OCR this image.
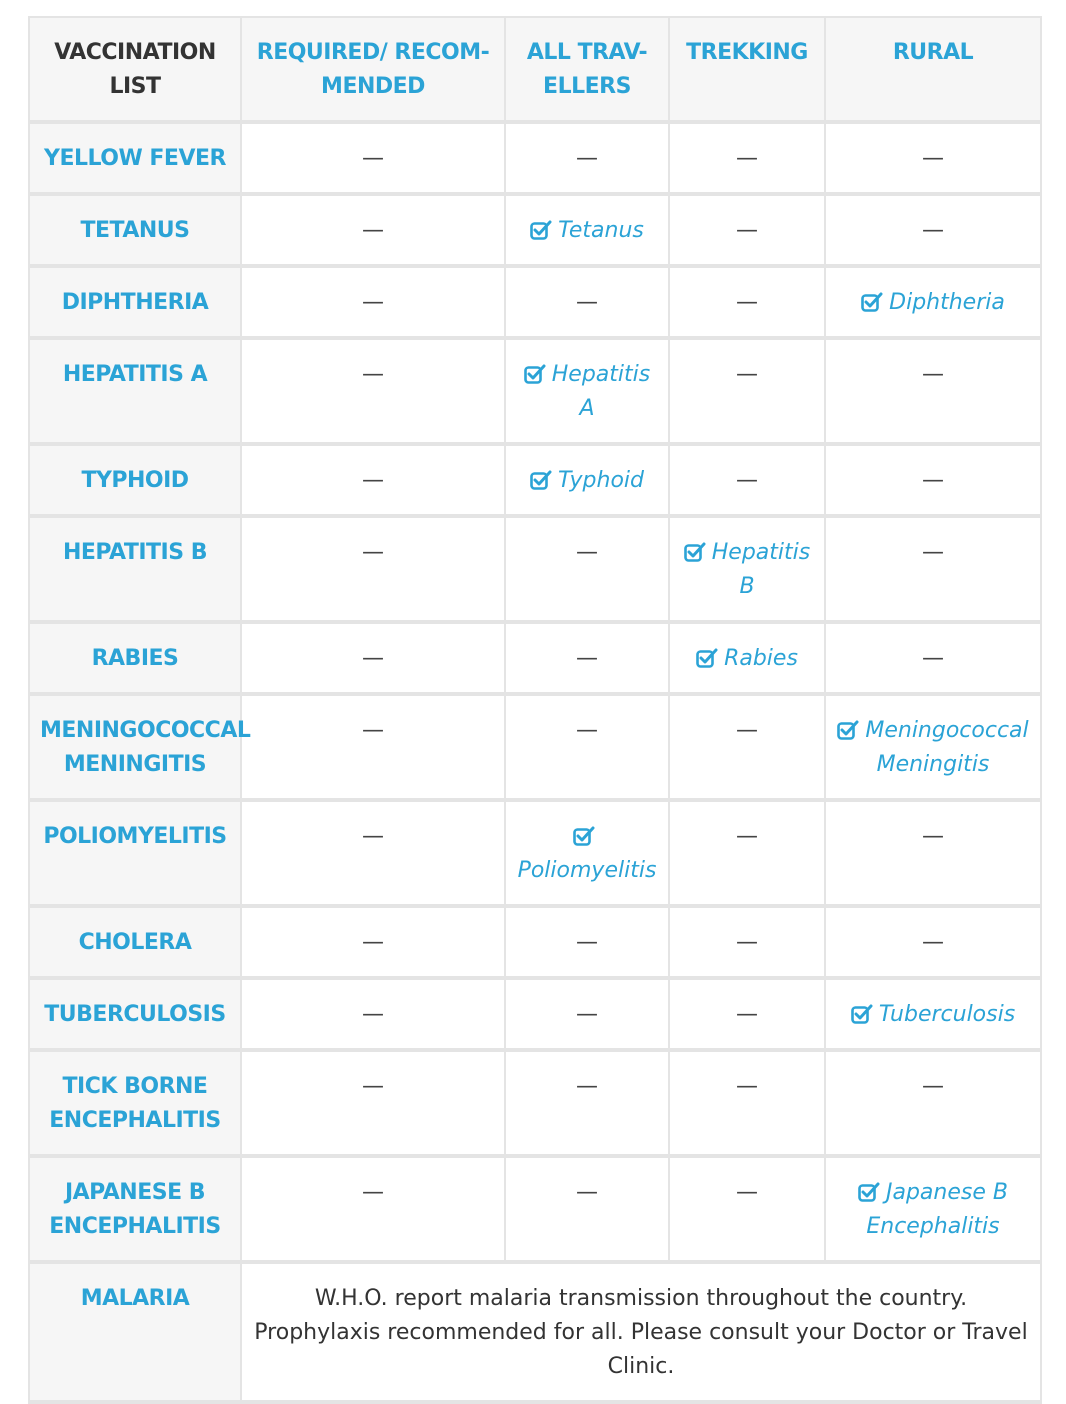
VACCINATION LIST	REQUIRED/ RECOM-MENDED	ALL TRAV-ELLERS	TREKKING	RURAL
YELLOW FEVER	—	—	—	—
TETANUS	—	Tetanus	—	—
DIPHTHERIA	—	—	—	Diphtheria
HEPATITIS A	—	Hepatitis A	—	—
TYPHOID	—	Typhoid	—	—
HEPATITIS B	—	—	Hepatitis B	—
RABIES	—	—	Rabies	—
MENINGOCOCCAL MENINGITIS	—	—	—	Meningococcal Meningitis
POLIOMYELITIS	—	Poliomyelitis	—	—
CHOLERA	—	—	—	—
TUBERCULOSIS	—	—	—	Tuberculosis
TICK BORNE ENCEPHALITIS	—	—	—	—
JAPANESE B ENCEPHALITIS	—	—	—	Japanese B Encephalitis
MALARIA	W.H.O. report malaria transmission throughout the country. Prophylaxis recommended for all. Please consult your Doctor or Travel Clinic.			
